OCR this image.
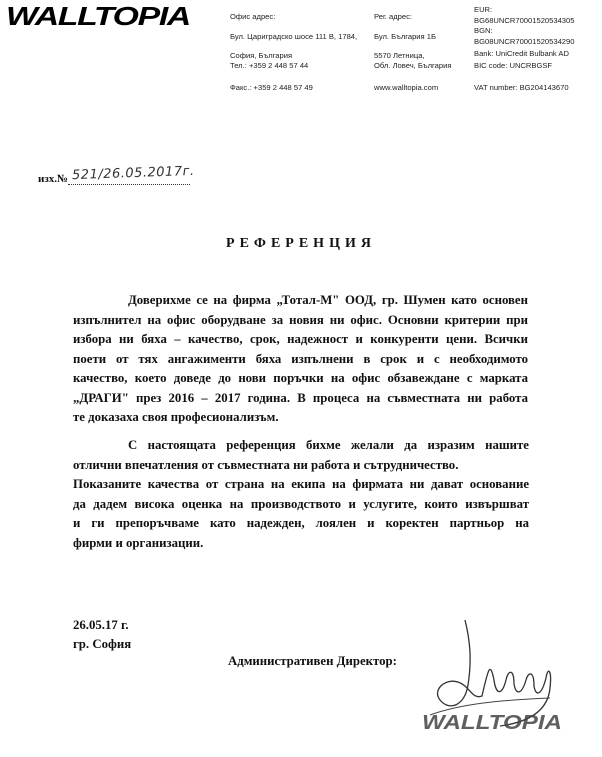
WALLTOPIA	Офис адрес:
Бул. Цариградско шосе 111 В, 1784,
София, България
Тел.: +359 2 448 57 44
Факс.: +359 2 448 57 49
Рег. адрес:
Бул. България 1Б
5570 Летница,
Обл. Ловеч, България
www.walltopia.com
EUR:
BG68UNCR70001520534305
BGN:
BG08UNCR70001520534290
Bank: UniCredit Bulbank AD
BIC code: UNCRBGSF
VAT number: BG204143670
изх.№ 521/26.05.2017г.
РЕФЕРЕНЦИЯ
Доверихме се на фирма „Тотал-М" ООД, гр. Шумен като основен
изпълнител на офис оборудване за новия ни офис. Основни критерии при
избора ни бяха – качество, срок, надежност и конкуренти цени. Всички
поети от тях ангажименти бяха изпълнени в срок и с необходимото
качество, което доведе до нови поръчки на офис обзавеждане с марката
„ДРАГИ" през 2016 – 2017 година. В процеса на съвместната ни работа
те доказаха своя професионализъм.
С настоящата референция бихме желали да изразим нашите
отлични впечатления от съвместната ни работа и сътрудничество.
Показаните качества от страна на екипа на фирмата ни дават основание
да дадем висока оценка на производството и услугите, които извършват
и ги препоръчваме като надежден, лоялен и коректен партньор на
фирми и организации.
26.05.17 г.
гр. София
Административен Директор:
WALLTOPIA
